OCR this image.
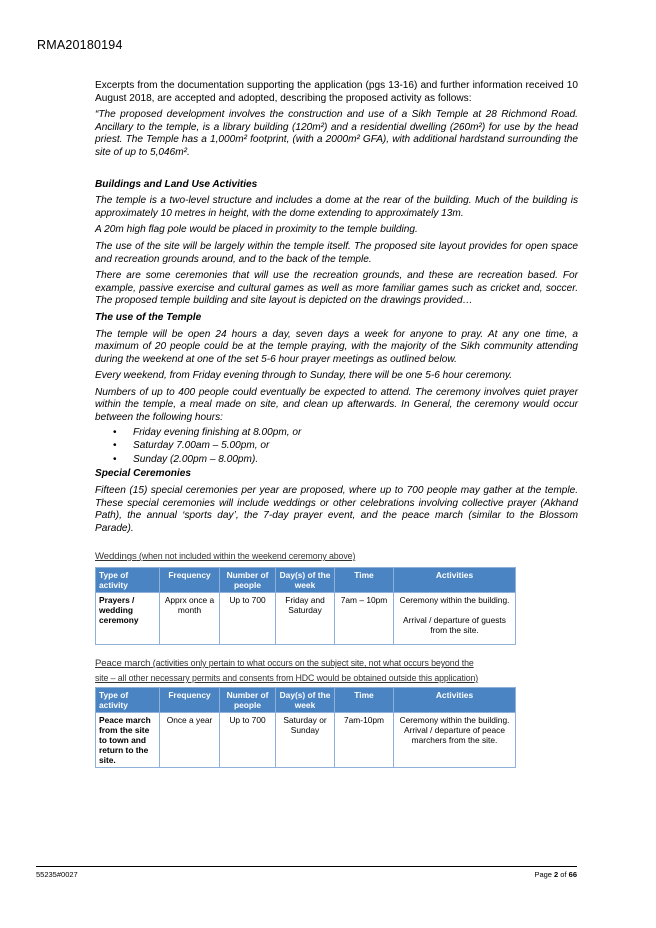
RMA20180194

Excerpts from the documentation supporting the application (pgs 13-16) and further information received 10 August 2018, are accepted and adopted, describing the proposed activity as follows:

“The proposed development involves the construction and use of a Sikh Temple at 28 Richmond Road. Ancillary to the temple, is a library building (120m²) and a residential dwelling (260m²) for use by the head priest. The Temple has a 1,000m² footprint, (with a 2000m² GFA), with additional hardstand surrounding the site of up to 5,046m².

Buildings and Land Use Activities

The temple is a two-level structure and includes a dome at the rear of the building. Much of the building is approximately 10 metres in height, with the dome extending to approximately 13m.

A 20m high flag pole would be placed in proximity to the temple building.

The use of the site will be largely within the temple itself. The proposed site layout provides for open space and recreation grounds around, and to the back of the temple.

There are some ceremonies that will use the recreation grounds, and these are recreation based. For example, passive exercise and cultural games as well as more familiar games such as cricket and, soccer. The proposed temple building and site layout is depicted on the drawings provided…

The use of the Temple

The temple will be open 24 hours a day, seven days a week for anyone to pray. At any one time, a maximum of 20 people could be at the temple praying, with the majority of the Sikh community attending during the weekend at one of the set 5-6 hour prayer meetings as outlined below.

Every weekend, from Friday evening through to Sunday, there will be one 5-6 hour ceremony.

Numbers of up to 400 people could eventually be expected to attend. The ceremony involves quiet prayer within the temple, a meal made on site, and clean up afterwards. In General, the ceremony would occur between the following hours:

• Friday evening finishing at 8.00pm, or
• Saturday 7.00am – 5.00pm, or
• Sunday (2.00pm – 8.00pm).

Special Ceremonies

Fifteen (15) special ceremonies per year are proposed, where up to 700 people may gather at the temple. These special ceremonies will include weddings or other celebrations involving collective prayer (Akhand Path), the annual ‘sports day’, the 7-day prayer event, and the peace march (similar to the Blossom Parade).

Weddings (when not included within the weekend ceremony above)
Type of activity	Frequency	Number of people	Day(s) of the week	Time	Activities
Prayers / wedding ceremony	Apprx once a month	Up to 700	Friday and Saturday	7am – 10pm	Ceremony within the building.
Arrival / departure of guests from the site.
Peace march (activities only pertain to what occurs on the subject site, not what occurs beyond the
site – all other necessary permits and consents from HDC would be obtained outside this application)
Type of activity	Frequency	Number of people	Day(s) of the week	Time	Activities
Peace march from the site to town and return to the site.	Once a year	Up to 700	Saturday or Sunday	7am-10pm	Ceremony within the building.
Arrival / departure of peace marchers from the site.
55235#0027	Page 2 of 66
